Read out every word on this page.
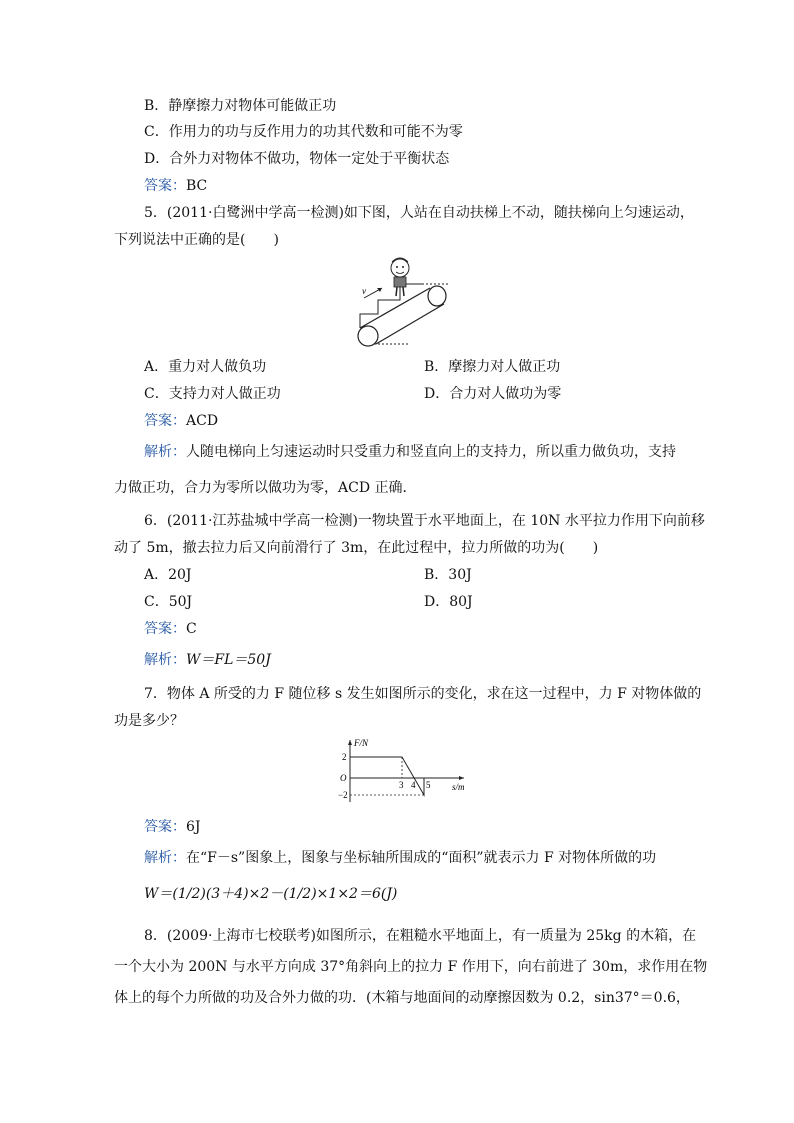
B．静摩擦力对物体可能做正功
C．作用力的功与反作用力的功其代数和可能不为零
D．合外力对物体不做功，物体一定处于平衡状态
答案：BC
5．(2011·白鹭洲中学高一检测)如下图，人站在自动扶梯上不动，随扶梯向上匀速运动，
下列说法中正确的是(　　)
v
A．重力对人做负功	B．摩擦力对人做正功
C．支持力对人做正功	D．合力对人做功为零
答案：ACD
解析：人随电梯向上匀速运动时只受重力和竖直向上的支持力，所以重力做负功，支持
力做正功，合力为零所以做功为零，ACD 正确．
6．(2011·江苏盐城中学高一检测)一物块置于水平地面上，在 10N 水平拉力作用下向前移
动了 5m，撤去拉力后又向前滑行了 3m，在此过程中，拉力所做的功为(　　)
A．20J	B．30J
C．50J	D．80J
答案：C
解析：W＝FL＝50J
7．物体 A 所受的力 F 随位移 s 发生如图所示的变化，求在这一过程中，力 F 对物体做的
功是多少？
F/N
s/m
O
2
−2
3 4 5
答案：6J
解析：在“F－s”图象上，图象与坐标轴所围成的“面积”就表示力 F 对物体所做的功
W＝(1/2)(3＋4)×2－(1/2)×1×2＝6(J)
8．(2009·上海市七校联考)如图所示，在粗糙水平地面上，有一质量为 25kg 的木箱，在
一个大小为 200N 与水平方向成 37°角斜向上的拉力 F 作用下，向右前进了 30m，求作用在物
体上的每个力所做的功及合外力做的功．(木箱与地面间的动摩擦因数为 0.2，sin37°＝0.6，
